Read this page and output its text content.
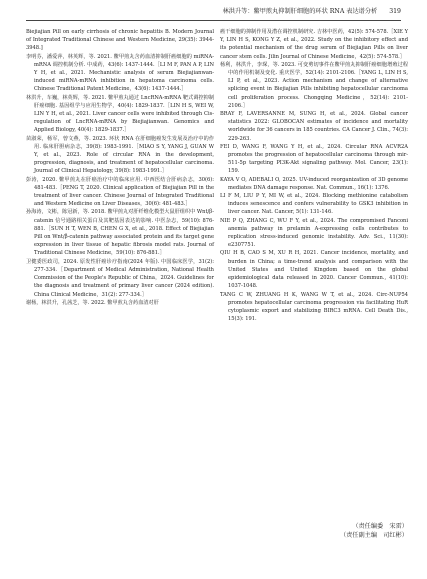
林洪升等：鳖甲煎丸抑制肝细胞的环状 RNA 表达谱分析 319

Biejiajian Pill on early cirrhosis of chronic hepatitis B. Modern Journal of Integrated Traditional Chinese and Western Medicine, 29(35): 3944-3948.]

李明芬，潘爱萍，林英辉，等. 2021. 鳖甲煎丸含药血清抑制肝癌细胞的 miRNA-mRNA 调控机制分析. 中成药，43(6): 1437-1444.［LI M F, PAN A P, LIN Y H, et al., 2021. Mechanistic analysis of serum Biejiajianwan-induced miRNA-mRNA inhibition in hepatoma carcinoma cells. Chinese Traditional Patent Medicine，43(6): 1437-1444.］

林洪升，车巍，林英辉，等. 2021. 鳖甲煎丸通过 LncRNA-mRNA 靶式调控抑制肝癌细胞. 基因组学与应用生物学，40(4): 1829-1837.［LIN H S, WEI W, LIN Y H, et al., 2021. Liver cancer cells were inhibited through Cis-regulation of LncRNA-mRNA by Biejiajianwan. Genomics and Applied Biology, 40(4): 1829-1837.］

苗淑荣，杨军，曾文燕，等. 2023. 环状 RNA 在肝细胞癌发生发展及治疗中的作用. 临床肝胆病杂志，39(8): 1983-1991.［MIAO S Y, YANG J, GUAN W Y, et al., 2023. Role of circular RNA in the development, progression, diagnosis, and treatment of hepatocellular carcinoma. Journal of Clinical Hepatology, 39(8): 1983-1991.］

彭涛，2020. 鳖甲煎丸在肝癌治疗中的临床应用. 中西医结合肝病杂志，30(6): 481-483.［PENG T, 2020. Clinical application of Biejiajian Pill in the treatment of liver cancer. Chinese Journal of Integrated Traditional and Western Medicine on Liver Diseases，30(6): 481-483.］

孙海涛，文彬，陈冠新，等. 2018. 鳖甲煎丸对肝纤维化模型大鼠肝组织中 Wnt/β-catenin 信号通路相关蛋白及其靶基因表达的影响. 中医杂志，59(10): 876-881.［SUN H T, WEN B, CHEN G X, et al., 2018. Effect of Biejiajian Pill on Wnt/β-catenin pathway associated protein and its target gene expression in liver tissue of hepatic fibrosis model rats. Journal of Traditional Chinese Medicine，59(10): 876-881.］

卫健委医政司，2024. 原发性肝癌诊疗指南(2024 年版). 中国临床医学，31(2): 277-334.［Department of Medical Administration, National Health Commission of the People's Republic of China，2024. Guidelines for the diagnosis and treatment of primary liver cancer (2024 edition). China Clinical Medicine，31(2): 277-334.］

谢杨，林洪升，孔茜芝，等. 2022. 鳖甲煎丸含药血清对肝

癌干细胞的抑制作用及潜在调控机制研究. 吉林中医药，42(5): 574-578.［XIE Y Y, LIN H S, KONG Y Z, et al., 2022. Study on the inhibitory effect and its potential mechanism of the drug serum of Biejiajian Pills on liver cancer stem cells. Jilin Journal of Chinese Medicine，42(5): 574-578.］

杨利，林洪升，李琛，等. 2023. 可变剪切事件在鳖甲煎丸抑制肝癌细胞增殖过程中的作用机制及变化. 重庆医学，52(14): 2101-2106.［YANG L, LIN H S, LI P, et al., 2023. Action mechanism and change of alternative splicing event in Biejiajian Pills inhibiting hepatocellular carcinoma cell proliferation process. Chongqing Medicine，52(14): 2101-2106.］

BRAY F, LAVERSANNE M, SUNG H, et al., 2024. Global cancer statistics 2022: GLOBOCAN estimates of incidence and mortality worldwide for 36 cancers in 185 countries. CA Cancer J. Clin., 74(3): 229-263.

FEI D, WANG F, WANG Y H, et al., 2024. Circular RNA ACVR2A promotes the progression of hepatocellular carcinoma through mir-511-5p targeting PI3K-Akt signaling pathway. Mol. Cancer, 23(1): 159.

KAYA V O, ADEBALI O, 2025. UV-induced reorganization of 3D genome mediates DNA damage response. Nat. Commun., 16(1): 1376.

LI F M, LIU P Y, MI W, et al., 2024. Blocking methionine catabolism induces senescence and confers vulnerability to GSK3 inhibition in liver cancer. Nat. Cancer, 5(1): 131-146.

NIE P Q, ZHANG C, WU F Y, et al., 2024. The compromised Fanconi anemia pathway in prelamin A-expressing cells contributes to replication stress-induced genomic instability. Adv. Sci., 11(30): e2307751.

QIU H B, CAO S M, XU R H, 2021. Cancer incidence, mortality, and burden in China; a time-trend analysis and comparison with the United States and United Kingdom based on the global epidemiological data released in 2020. Cancer Commun., 41(10): 1037-1048.

TANG C W, ZHUANG H K, WANG W T, et al., 2024. Circ-NUP54 promotes hepatocellular carcinoma progression via facilitating HuR cytoplasmic export and stabilizing BIRC3 mRNA. Cell Death Dis., 15(3): 191.

（责任编委　宋雷）
（责任副主编　司红彬）
